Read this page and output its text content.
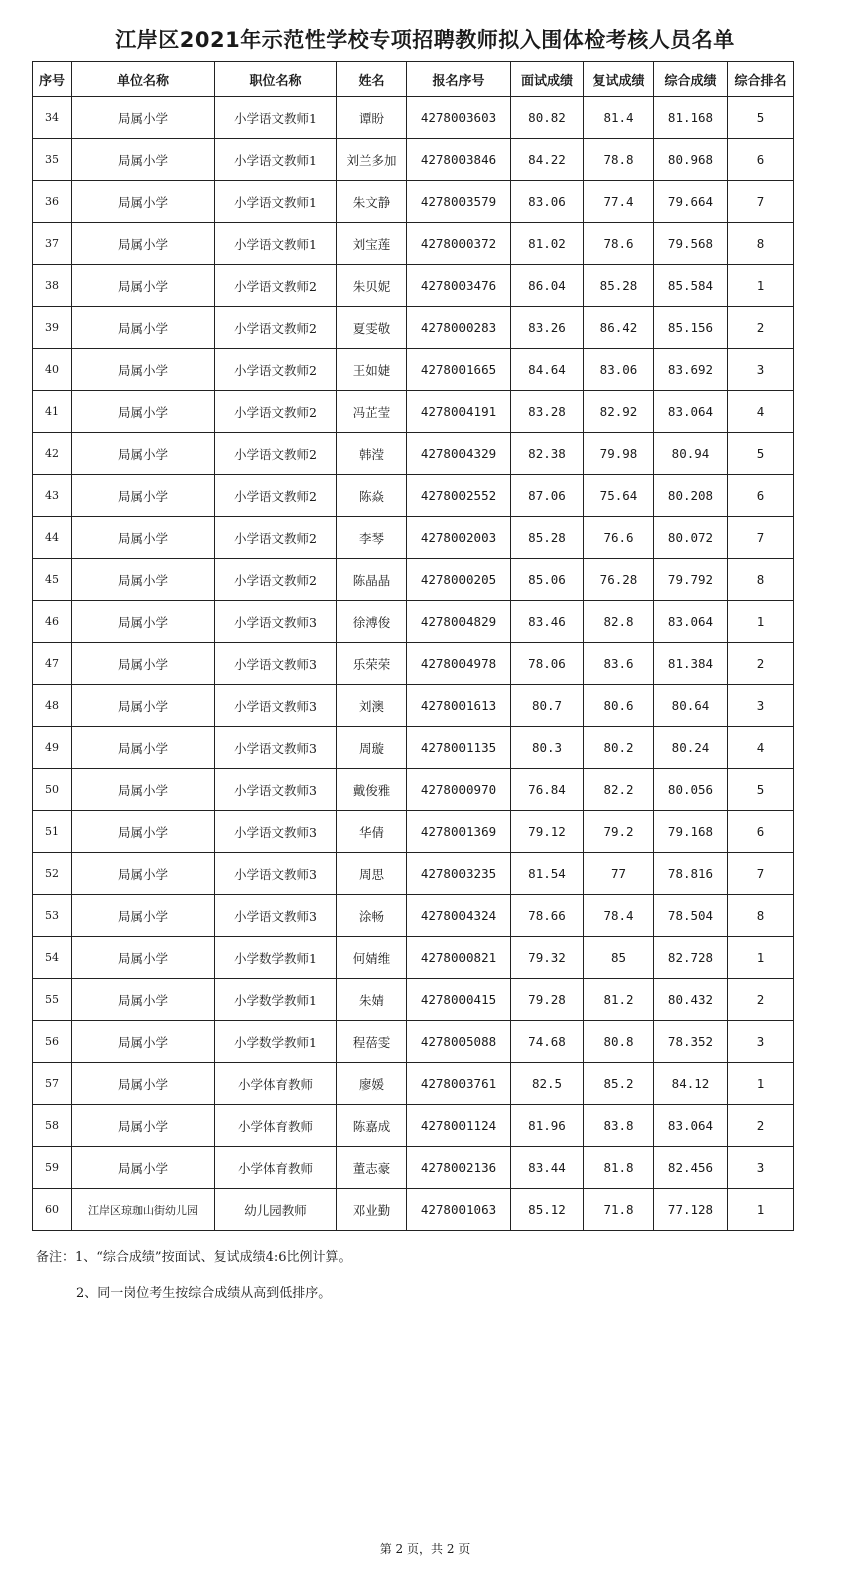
江岸区2021年示范性学校专项招聘教师拟入围体检考核人员名单
序号	单位名称	职位名称	姓名	报名序号	面试成绩	复试成绩	综合成绩	综合排名
34	局属小学	小学语文教师1	谭盼	4278003603	80.82	81.4	81.168	5
35	局属小学	小学语文教师1	刘兰多加	4278003846	84.22	78.8	80.968	6
36	局属小学	小学语文教师1	朱文静	4278003579	83.06	77.4	79.664	7
37	局属小学	小学语文教师1	刘宝莲	4278000372	81.02	78.6	79.568	8
38	局属小学	小学语文教师2	朱贝妮	4278003476	86.04	85.28	85.584	1
39	局属小学	小学语文教师2	夏雯敬	4278000283	83.26	86.42	85.156	2
40	局属小学	小学语文教师2	王如婕	4278001665	84.64	83.06	83.692	3
41	局属小学	小学语文教师2	冯芷莹	4278004191	83.28	82.92	83.064	4
42	局属小学	小学语文教师2	韩滢	4278004329	82.38	79.98	80.94	5
43	局属小学	小学语文教师2	陈焱	4278002552	87.06	75.64	80.208	6
44	局属小学	小学语文教师2	李琴	4278002003	85.28	76.6	80.072	7
45	局属小学	小学语文教师2	陈晶晶	4278000205	85.06	76.28	79.792	8
46	局属小学	小学语文教师3	徐溥俊	4278004829	83.46	82.8	83.064	1
47	局属小学	小学语文教师3	乐荣荣	4278004978	78.06	83.6	81.384	2
48	局属小学	小学语文教师3	刘澳	4278001613	80.7	80.6	80.64	3
49	局属小学	小学语文教师3	周璇	4278001135	80.3	80.2	80.24	4
50	局属小学	小学语文教师3	戴俊雅	4278000970	76.84	82.2	80.056	5
51	局属小学	小学语文教师3	华倩	4278001369	79.12	79.2	79.168	6
52	局属小学	小学语文教师3	周思	4278003235	81.54	77	78.816	7
53	局属小学	小学语文教师3	涂畅	4278004324	78.66	78.4	78.504	8
54	局属小学	小学数学教师1	何婧维	4278000821	79.32	85	82.728	1
55	局属小学	小学数学教师1	朱婧	4278000415	79.28	81.2	80.432	2
56	局属小学	小学数学教师1	程蓓雯	4278005088	74.68	80.8	78.352	3
57	局属小学	小学体育教师	廖媛	4278003761	82.5	85.2	84.12	1
58	局属小学	小学体育教师	陈嘉成	4278001124	81.96	83.8	83.064	2
59	局属小学	小学体育教师	董志豪	4278002136	83.44	81.8	82.456	3
60	江岸区琼珈山街幼儿园	幼儿园教师	邓业勤	4278001063	85.12	71.8	77.128	1
备注：1、“综合成绩”按面试、复试成绩4:6比例计算。
2、同一岗位考生按综合成绩从高到低排序。
第 2 页，共 2 页
